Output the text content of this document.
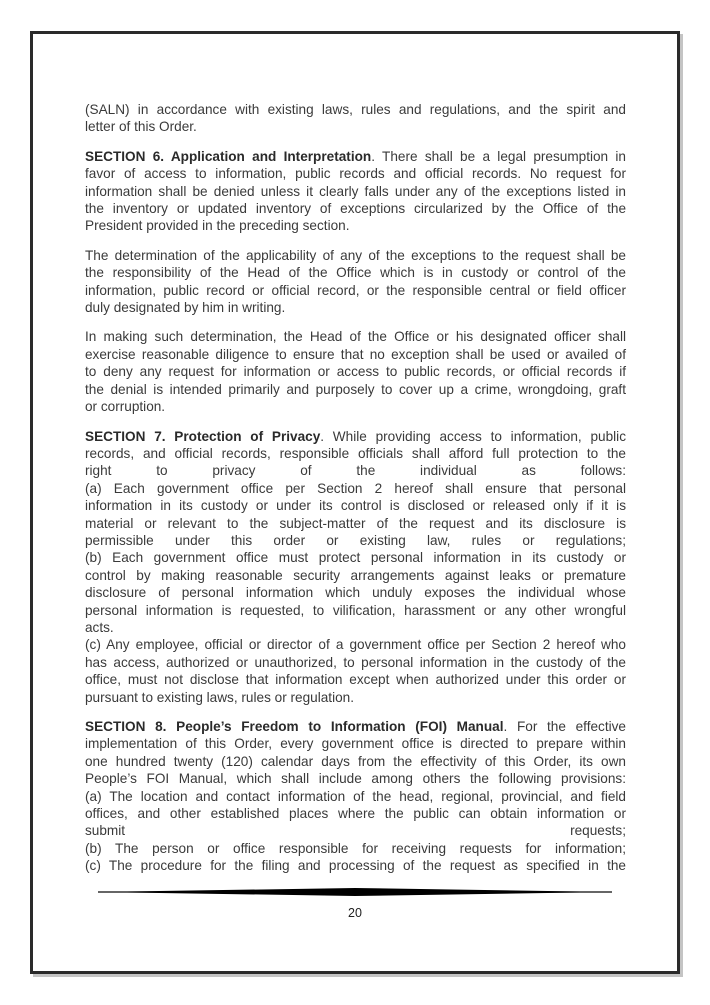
(SALN) in accordance with existing laws, rules and regulations, and the spirit and
letter of this Order.

SECTION 6. Application and Interpretation. There shall be a legal presumption in
favor of access to information, public records and official records. No request for
information shall be denied unless it clearly falls under any of the exceptions listed in
the inventory or updated inventory of exceptions circularized by the Office of the
President provided in the preceding section.

The determination of the applicability of any of the exceptions to the request shall be
the responsibility of the Head of the Office which is in custody or control of the
information, public record or official record, or the responsible central or field officer
duly designated by him in writing.

In making such determination, the Head of the Office or his designated officer shall
exercise reasonable diligence to ensure that no exception shall be used or availed of
to deny any request for information or access to public records, or official records if
the denial is intended primarily and purposely to cover up a crime, wrongdoing, graft
or corruption.

SECTION 7. Protection of Privacy. While providing access to information, public
records, and official records, responsible officials shall afford full protection to the
right to privacy of the individual as follows:
(a) Each government office per Section 2 hereof shall ensure that personal
information in its custody or under its control is disclosed or released only if it is
material or relevant to the subject-matter of the request and its disclosure is
permissible under this order or existing law, rules or regulations;
(b) Each government office must protect personal information in its custody or
control by making reasonable security arrangements against leaks or premature
disclosure of personal information which unduly exposes the individual whose
personal information is requested, to vilification, harassment or any other wrongful
acts.
(c) Any employee, official or director of a government office per Section 2 hereof who
has access, authorized or unauthorized, to personal information in the custody of the
office, must not disclose that information except when authorized under this order or
pursuant to existing laws, rules or regulation.

SECTION 8. People’s Freedom to Information (FOI) Manual. For the effective
implementation of this Order, every government office is directed to prepare within
one hundred twenty (120) calendar days from the effectivity of this Order, its own
People’s FOI Manual, which shall include among others the following provisions:
(a) The location and contact information of the head, regional, provincial, and field
offices, and other established places where the public can obtain information or
submit requests;
(b) The person or office responsible for receiving requests for information;
(c) The procedure for the filing and processing of the request as specified in the

20
